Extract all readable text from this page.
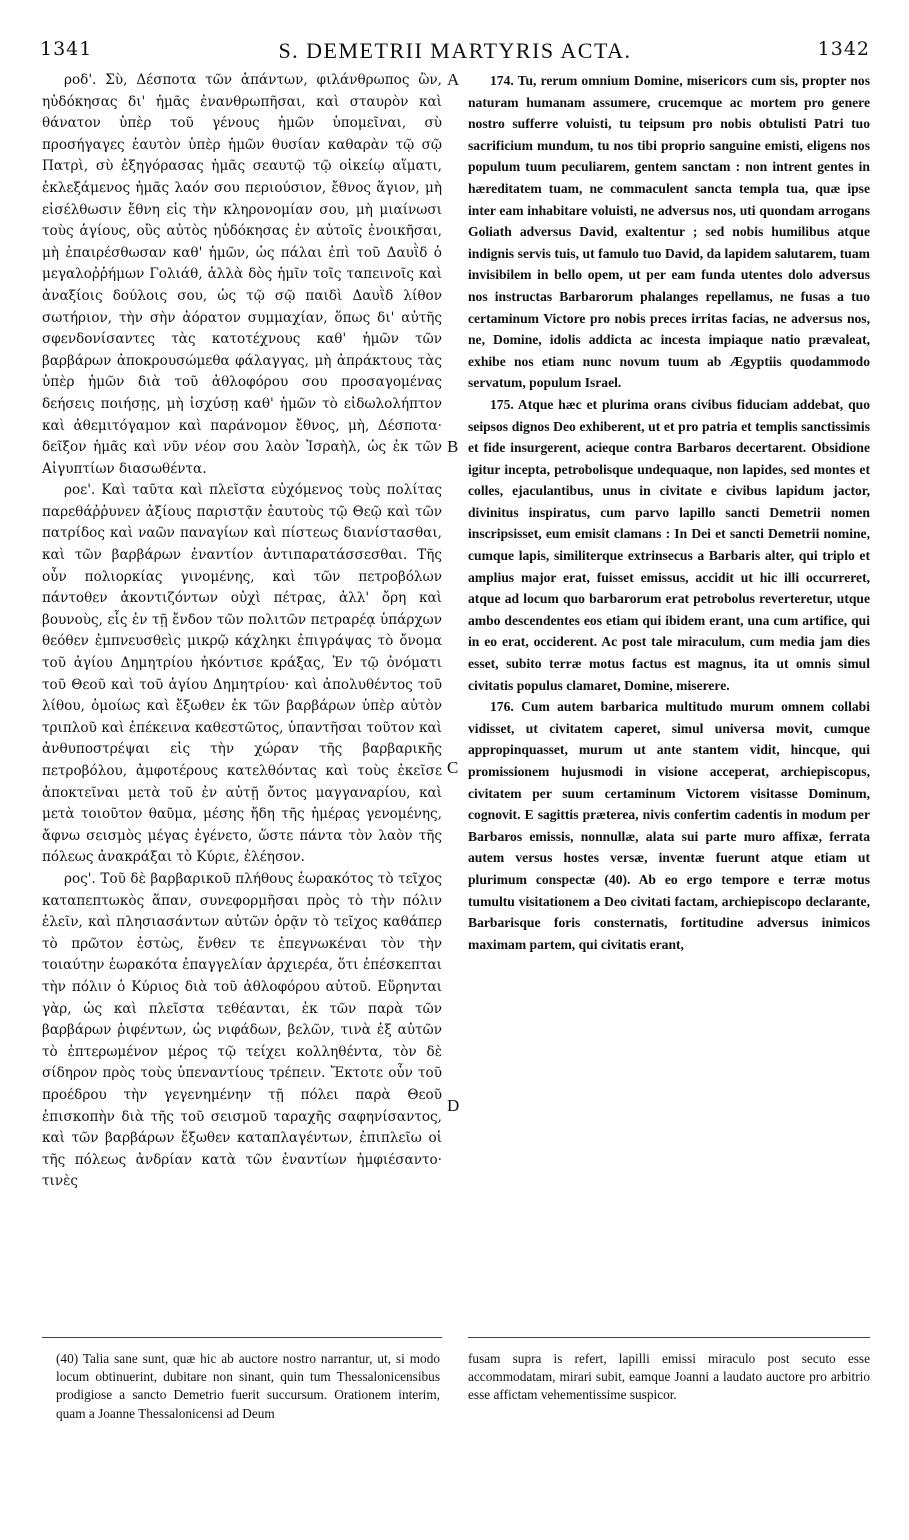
1341	S. DEMETRII MARTYRIS ACTA.	1342

ροδ'. Σὺ, Δέσποτα τῶν ἁπάντων, φιλάνθρωπος ὢν, ηὐδόκησας δι' ἡμᾶς ἐνανθρωπῆσαι, καὶ σταυρὸν καὶ θάνατον ὑπὲρ τοῦ γένους ἡμῶν ὑπομεῖναι, σὺ προσήγαγες ἑαυτὸν ὑπὲρ ἡμῶν θυσίαν καθαρὰν τῷ σῷ Πατρὶ, σὺ ἐξηγόρασας ἡμᾶς σεαυτῷ τῷ οἰκείῳ αἵματι, ἐκλεξάμενος ἡμᾶς λαόν σου περιούσιον, ἔθνος ἅγιον, μὴ εἰσέλθωσιν ἔθνη εἰς τὴν κληρονομίαν σου, μὴ μιαίνωσι τοὺς ἁγίους, οὓς αὐτὸς ηὐδόκησας ἐν αὐτοῖς ἐνοικῆσαι, μὴ ἐπαιρέσθωσαν καθ' ἡμῶν, ὡς πάλαι ἐπὶ τοῦ Δαυῒδ ὁ μεγαλοῤῥήμων Γολιάθ, ἀλλὰ δὸς ἡμῖν τοῖς ταπεινοῖς καὶ ἀναξίοις δούλοις σου, ὡς τῷ σῷ παιδὶ Δαυῒδ λίθον σωτήριον, τὴν σὴν ἀόρατον συμμαχίαν, ὅπως δι' αὐτῆς σφενδονίσαντες τὰς κατοτέχνους καθ' ἡμῶν τῶν βαρβάρων ἀποκρουσώμεθα φάλαγγας, μὴ ἀπράκτους τὰς ὑπὲρ ἡμῶν διὰ τοῦ ἀθλοφόρου σου προσαγομένας δεήσεις ποιήσῃς, μὴ ἰσχύσῃ καθ' ἡμῶν τὸ εἰδωλολήπτον καὶ ἀθεμιτόγαμον καὶ παράνομον ἔθνος, μὴ, Δέσποτα· δεῖξον ἡμᾶς καὶ νῦν νέον σου λαὸν Ἰσραὴλ, ὡς ἐκ τῶν Αἰγυπτίων διασωθέντα.

ροε'. Καὶ ταῦτα καὶ πλεῖστα εὐχόμενος τοὺς πολίτας παρεθάῤῥυνεν ἀξίους παριστᾷν ἑαυτοὺς τῷ Θεῷ καὶ τῶν πατρίδος καὶ ναῶν παναγίων καὶ πίστεως διανίστασθαι, καὶ τῶν βαρβάρων ἐναντίον ἀντιπαρατάσσεσθαι. Τῆς οὖν πολιορκίας γινομένης, καὶ τῶν πετροβόλων πάντοθεν ἀκοντιζόντων οὐχὶ πέτρας, ἀλλ' ὄρη καὶ βουνοὺς, εἷς ἐν τῇ ἔνδον τῶν πολιτῶν πετραρέᾳ ὑπάρχων θεόθεν ἐμπνευσθεὶς μικρῷ κάχληκι ἐπιγράψας τὸ ὄνομα τοῦ ἁγίου Δημητρίου ἠκόντισε κράξας, Ἐν τῷ ὀνόματι τοῦ Θεοῦ καὶ τοῦ ἁγίου Δημητρίου· καὶ ἀπολυθέντος τοῦ λίθου, ὁμοίως καὶ ἔξωθεν ἐκ τῶν βαρβάρων ὑπὲρ αὐτὸν τριπλοῦ καὶ ἐπέκεινα καθεστῶτος, ὑπαντῆσαι τοῦτον καὶ ἀνθυποστρέψαι εἰς τὴν χώραν τῆς βαρβαρικῆς πετροβόλου, ἀμφοτέρους κατελθόντας καὶ τοὺς ἐκεῖσε ἀποκτεῖναι μετὰ τοῦ ἐν αὐτῇ ὄντος μαγγαναρίου, καὶ μετὰ τοιοῦτον θαῦμα, μέσης ἤδη τῆς ἡμέρας γενομένης, ἄφνω σεισμὸς μέγας ἐγένετο, ὥστε πάντα τὸν λαὸν τῆς πόλεως ἀνακράξαι τὸ Κύριε, ἐλέησον.

ρος'. Τοῦ δὲ βαρβαρικοῦ πλήθους ἑωρακότος τὸ τεῖχος καταπεπτωκὸς ἅπαν, συνεφορμῆσαι πρὸς τὸ τὴν πόλιν ἑλεῖν, καὶ πλησιασάντων αὐτῶν ὁρᾷν τὸ τεῖχος καθάπερ τὸ πρῶτον ἑστὼς, ἔνθεν τε ἐπεγνωκέναι τὸν τὴν τοιαύτην ἑωρακότα ἐπαγγελίαν ἀρχιερέα, ὅτι ἐπέσκεπται τὴν πόλιν ὁ Κύριος διὰ τοῦ ἀθλοφόρου αὐτοῦ. Εὕρηνται γὰρ, ὡς καὶ πλεῖστα τεθέανται, ἐκ τῶν παρὰ τῶν βαρβάρων ῥιφέντων, ὡς νιφάδων, βελῶν, τινὰ ἐξ αὐτῶν τὸ ἐπτερωμένον μέρος τῷ τείχει κολληθέντα, τὸν δὲ σίδηρον πρὸς τοὺς ὑπεναντίους τρέπειν. Ἔκτοτε οὖν τοῦ προέδρου τὴν γεγενημένην τῇ πόλει παρὰ Θεοῦ ἐπισκοπὴν διὰ τῆς τοῦ σεισμοῦ ταραχῆς σαφηνίσαντος, καὶ τῶν βαρβάρων ἔξωθεν καταπλαγέντων, ἐπιπλεῖω οἱ τῆς πόλεως ἀνδρίαν κατὰ τῶν ἐναντίων ἠμφιέσαντο· τινὲς

A
B
C
D

174. Tu, rerum omnium Domine, misericors cum sis, propter nos naturam humanam assumere, crucemque ac mortem pro genere nostro sufferre voluisti, tu teipsum pro nobis obtulisti Patri tuo sacrificium mundum, tu nos tibi proprio sanguine emisti, eligens nos populum tuum peculiarem, gentem sanctam : non intrent gentes in hæreditatem tuam, ne commaculent sancta templa tua, quæ ipse inter eam inhabitare voluisti, ne adversus nos, uti quondam arrogans Goliath adversus David, exaltentur ; sed nobis humilibus atque indignis servis tuis, ut famulo tuo David, da lapidem salutarem, tuam invisibilem in bello opem, ut per eam funda utentes dolo adversus nos instructas Barbarorum phalanges repellamus, ne fusas a tuo certaminum Victore pro nobis preces irritas facias, ne adversus nos, ne, Domine, idolis addicta ac incesta impiaque natio prævaleat, exhibe nos etiam nunc novum tuum ab Ægyptiis quodammodo servatum, populum Israel.

175. Atque hæc et plurima orans civibus fiduciam addebat, quo seipsos dignos Deo exhiberent, ut et pro patria et templis sanctissimis et fide insurgerent, acieque contra Barbaros decertarent. Obsidione igitur incepta, petrobolisque undequaque, non lapides, sed montes et colles, ejaculantibus, unus in civitate e civibus lapidum jactor, divinitus inspiratus, cum parvo lapillo sancti Demetrii nomen inscripsisset, eum emisit clamans : In Dei et sancti Demetrii nomine, cumque lapis, similiterque extrinsecus a Barbaris alter, qui triplo et amplius major erat, fuisset emissus, accidit ut hic illi occurreret, atque ad locum quo barbarorum erat petrobolus reverteretur, utque ambo descendentes eos etiam qui ibidem erant, una cum artifice, qui in eo erat, occiderent. Ac post tale miraculum, cum media jam dies esset, subito terræ motus factus est magnus, ita ut omnis simul civitatis populus clamaret, Domine, miserere.

176. Cum autem barbarica multitudo murum omnem collabi vidisset, ut civitatem caperet, simul universa movit, cumque appropinquasset, murum ut ante stantem vidit, hincque, qui promissionem hujusmodi in visione acceperat, archiepiscopus, civitatem per suum certaminum Victorem visitasse Dominum, cognovit. E sagittis præterea, nivis confertim cadentis in modum per Barbaros emissis, nonnullæ, alata sui parte muro affixæ, ferrata autem versus hostes versæ, inventæ fuerunt atque etiam ut plurimum conspectæ (40). Ab eo ergo tempore e terræ motus tumultu visitationem a Deo civitati factam, archiepiscopo declarante, Barbarisque foris consternatis, fortitudine adversus inimicos maximam partem, qui civitatis erant,

(40) Talia sane sunt, quæ hic ab auctore nostro narrantur, ut, si modo locum obtinuerint, dubitare non sinant, quin tum Thessalonicensibus prodigiose a sancto Demetrio fuerit succursum. Orationem interim, quam a Joanne Thessalonicensi ad Deum

fusam supra is refert, lapilli emissi miraculo post secuto esse accommodatam, mirari subit, eamque Joanni a laudato auctore pro arbitrio esse affictam vehementissime suspicor.
